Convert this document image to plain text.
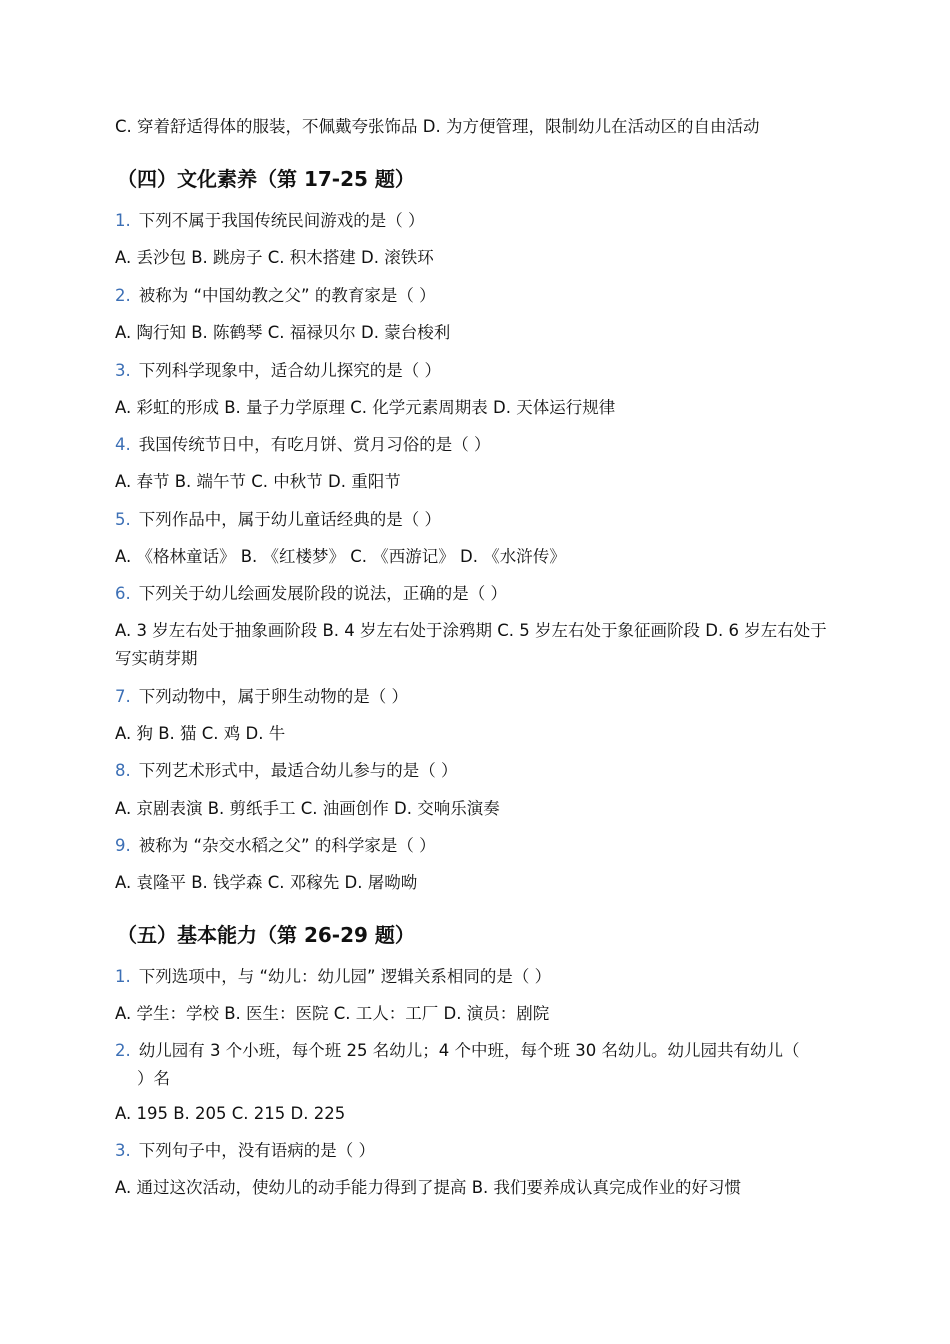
C. 穿着舒适得体的服装，不佩戴夸张饰品 D. 为方便管理，限制幼儿在活动区的自由活动
（四）文化素养（第 17-25 题）
1. 下列不属于我国传统民间游戏的是（ ）
A. 丢沙包 B. 跳房子 C. 积木搭建 D. 滚铁环
2. 被称为 “中国幼教之父” 的教育家是（ ）
A. 陶行知 B. 陈鹤琴 C. 福禄贝尔 D. 蒙台梭利
3. 下列科学现象中，适合幼儿探究的是（ ）
A. 彩虹的形成 B. 量子力学原理 C. 化学元素周期表 D. 天体运行规律
4. 我国传统节日中，有吃月饼、赏月习俗的是（ ）
A. 春节 B. 端午节 C. 中秋节 D. 重阳节
5. 下列作品中，属于幼儿童话经典的是（ ）
A. 《格林童话》 B. 《红楼梦》 C. 《西游记》 D. 《水浒传》
6. 下列关于幼儿绘画发展阶段的说法，正确的是（ ）
A. 3 岁左右处于抽象画阶段 B. 4 岁左右处于涂鸦期 C. 5 岁左右处于象征画阶段 D. 6 岁左右处于写实萌芽期
7. 下列动物中，属于卵生动物的是（ ）
A. 狗 B. 猫 C. 鸡 D. 牛
8. 下列艺术形式中，最适合幼儿参与的是（ ）
A. 京剧表演 B. 剪纸手工 C. 油画创作 D. 交响乐演奏
9. 被称为 “杂交水稻之父” 的科学家是（ ）
A. 袁隆平 B. 钱学森 C. 邓稼先 D. 屠呦呦
（五）基本能力（第 26-29 题）
1. 下列选项中，与 “幼儿：幼儿园” 逻辑关系相同的是（ ）
A. 学生：学校 B. 医生：医院 C. 工人：工厂 D. 演员：剧院
2. 幼儿园有 3 个小班，每个班 25 名幼儿；4 个中班，每个班 30 名幼儿。幼儿园共有幼儿（
）名
A. 195 B. 205 C. 215 D. 225
3. 下列句子中，没有语病的是（ ）
A. 通过这次活动，使幼儿的动手能力得到了提高 B. 我们要养成认真完成作业的好习惯
